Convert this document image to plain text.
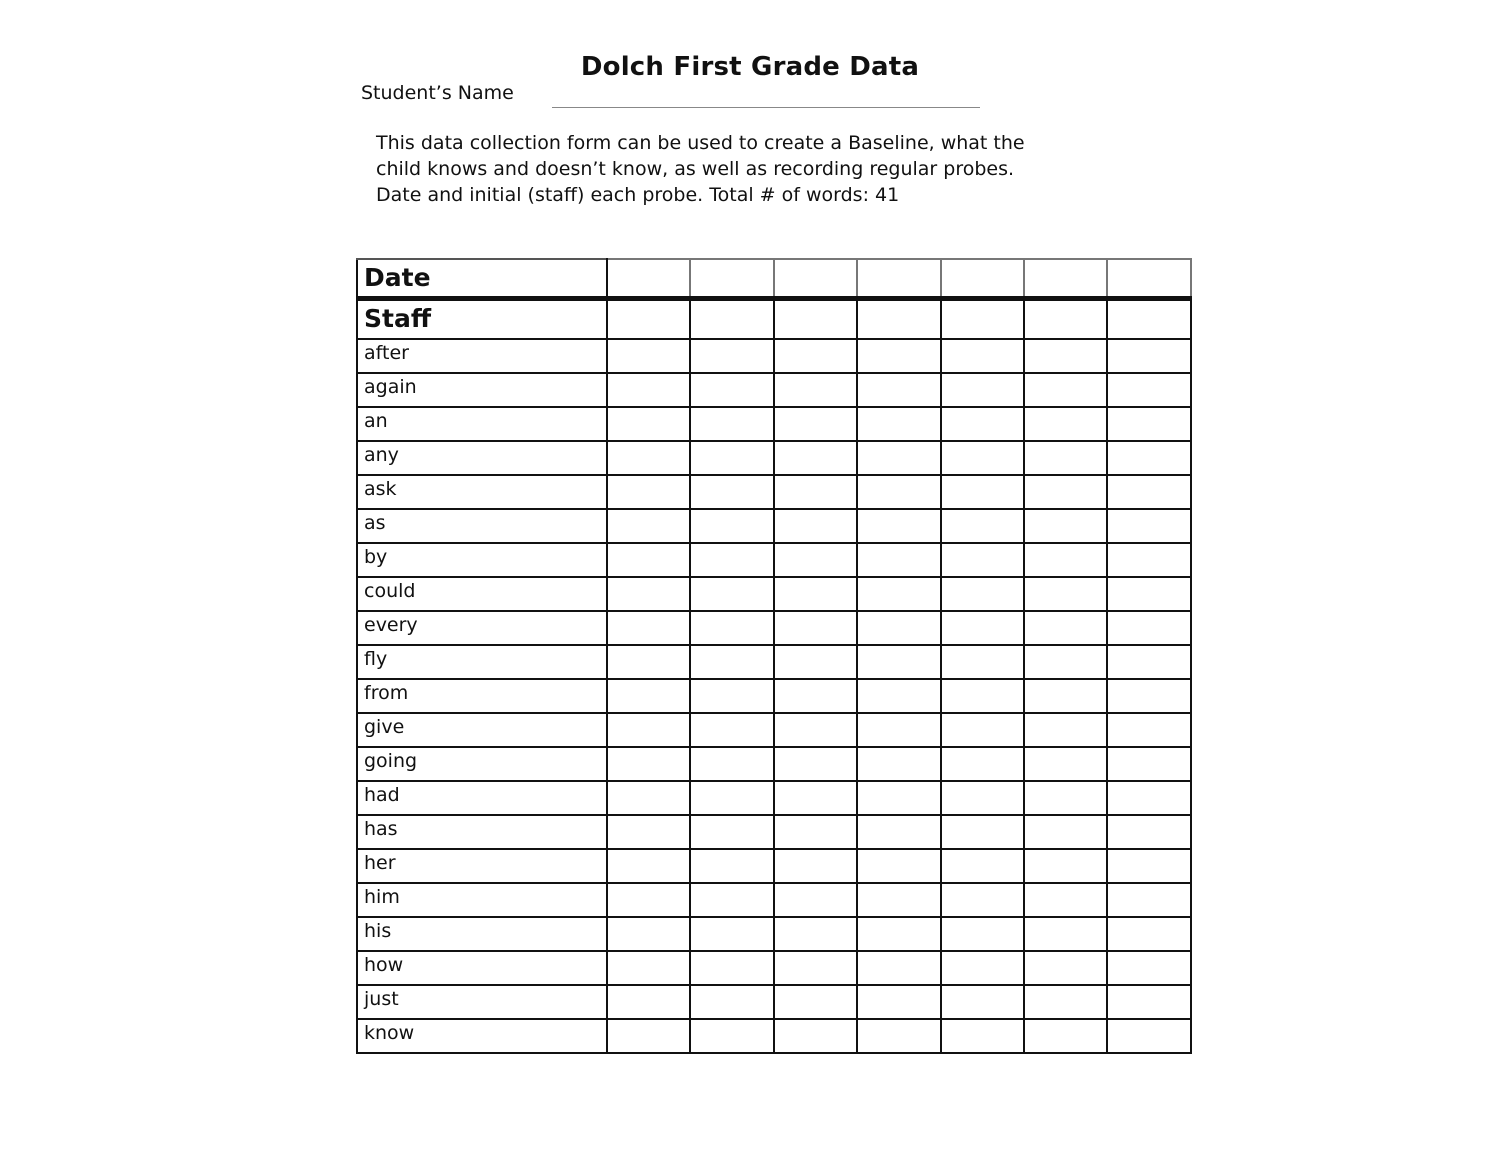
Dolch First Grade Data
Student’s Name
This data collection form can be used to create a Baseline, what the
child knows and doesn’t know, as well as recording regular probes.
Date and initial (staff) each probe. Total # of words: 41
Date							
Staff							
after							
again							
an							
any							
ask							
as							
by							
could							
every							
fly							
from							
give							
going							
had							
has							
her							
him							
his							
how							
just							
know							
